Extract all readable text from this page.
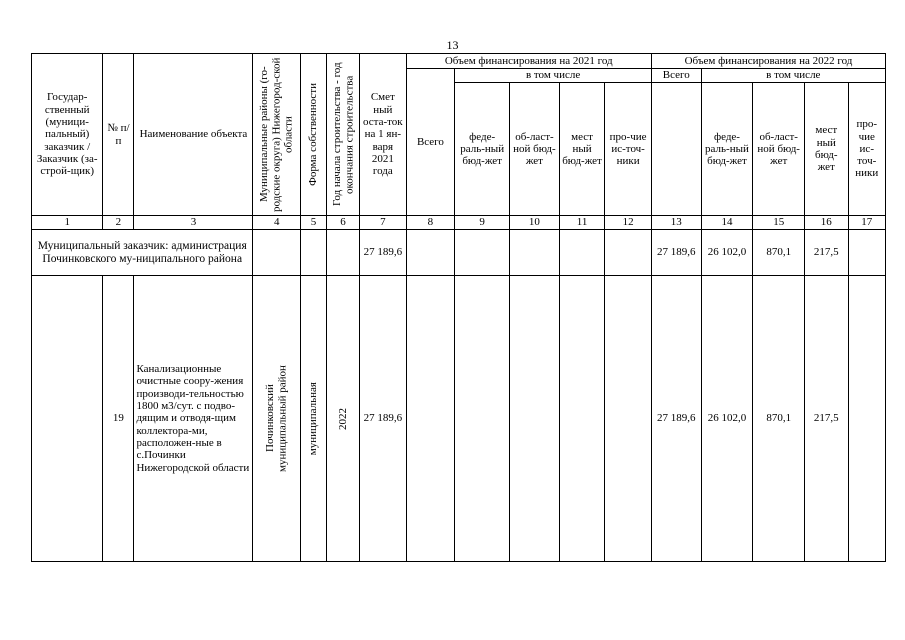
13
Государ-ственный (муници-пальный) заказчик /Заказчик (за-строй-щик)	№ п/п	Наименование объекта	Муниципальные районы (го-родские округа) Нижегород-ской области	Форма собственности	Год начала строительства - год окончания строительства	Смет ный оста-ток на 1 ян-варя 2021 года	Объем финансирования на 2021 год					Объем финансирования на 2022 год				
							Всего	в том числе				Всего	в том числе			
								феде-раль-ный бюд-жет	об-ласт-ной бюд-жет	мест ный бюд-жет	про-чие ис-точ-ники		феде-раль-ный бюд-жет	об-ласт-ной бюд-жет	мест ный бюд-жет	про-чие ис-точ-ники
1	2	3	4	5	6	7	8	9	10	11	12	13	14	15	16	17
Муниципальный заказчик: администрация Починковского му-ниципального района						27 189,6						27 189,6	26 102,0	870,1	217,5	
	19	Канализационные очистные соору-жения производи-тельностью 1800 м3/сут. с подво-дящим и отводя-щим коллектора-ми, расположен-ные в с.Починки Нижегородской области	Починковский муниципальный район	муниципальная	2022	27 189,6						27 189,6	26 102,0	870,1	217,5	
